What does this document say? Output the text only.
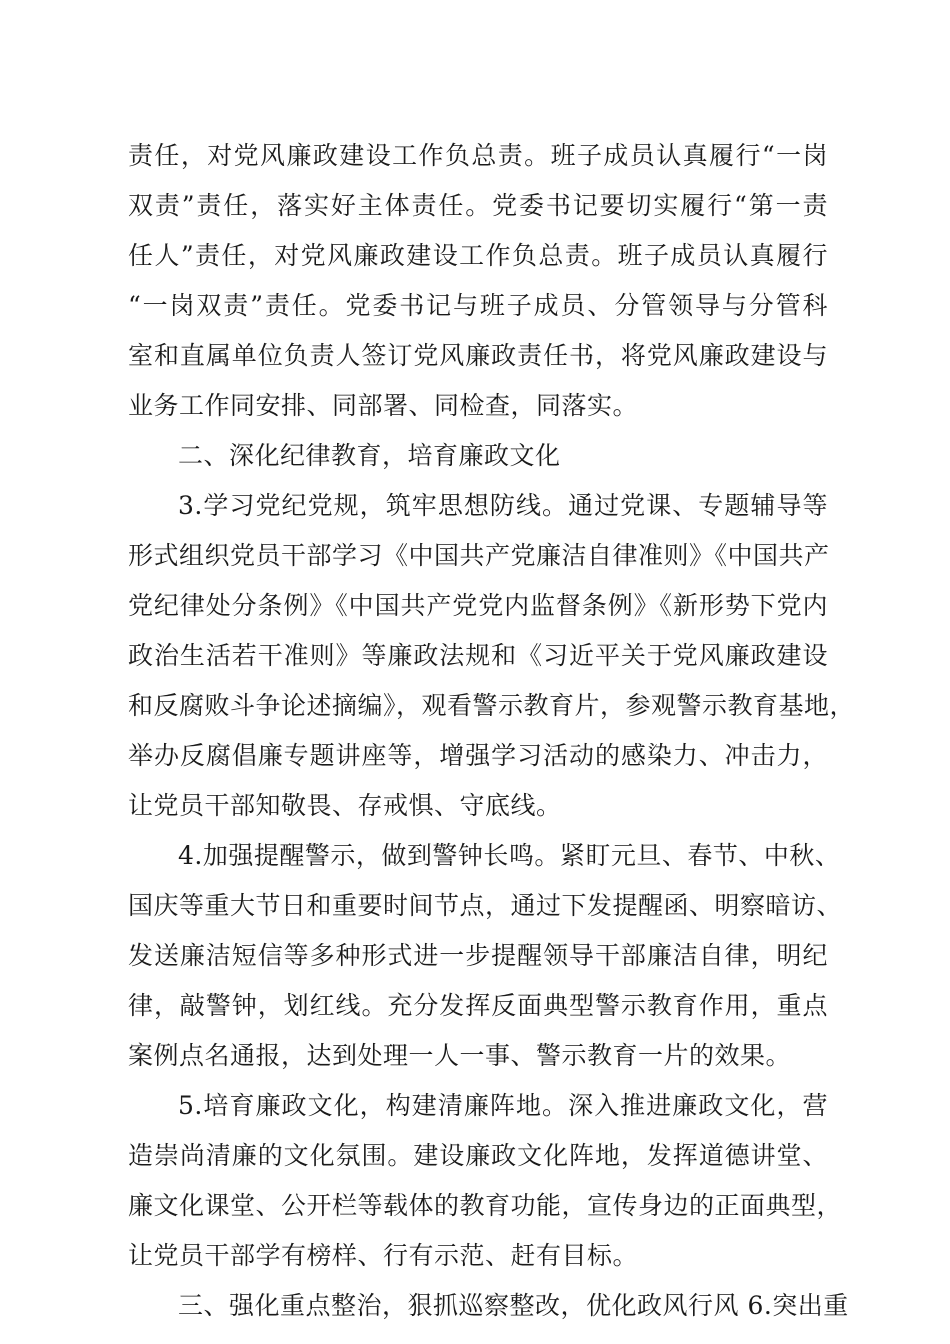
责任，对党风廉政建设工作负总责。班子成员认真履行“一岗
双责”责任，落实好主体责任。党委书记要切实履行“第一责
任人”责任，对党风廉政建设工作负总责。班子成员认真履行
“一岗双责”责任。党委书记与班子成员、分管领导与分管科
室和直属单位负责人签订党风廉政责任书，将党风廉政建设与
业务工作同安排、同部署、同检查，同落实。
二、深化纪律教育，培育廉政文化
3.学习党纪党规，筑牢思想防线。通过党课、专题辅导等
形式组织党员干部学习《中国共产党廉洁自律准则》《中国共产
党纪律处分条例》《中国共产党党内监督条例》《新形势下党内
政治生活若干准则》等廉政法规和《习近平关于党风廉政建设
和反腐败斗争论述摘编》，观看警示教育片，参观警示教育基地，
举办反腐倡廉专题讲座等，增强学习活动的感染力、冲击力，
让党员干部知敬畏、存戒惧、守底线。
4.加强提醒警示，做到警钟长鸣。紧盯元旦、春节、中秋、
国庆等重大节日和重要时间节点，通过下发提醒函、明察暗访、
发送廉洁短信等多种形式进一步提醒领导干部廉洁自律，明纪
律，敲警钟，划红线。充分发挥反面典型警示教育作用，重点
案例点名通报，达到处理一人一事、警示教育一片的效果。
5.培育廉政文化，构建清廉阵地。深入推进廉政文化，营
造崇尚清廉的文化氛围。建设廉政文化阵地，发挥道德讲堂、
廉文化课堂、公开栏等载体的教育功能，宣传身边的正面典型，
让党员干部学有榜样、行有示范、赶有目标。
三、强化重点整治，狠抓巡察整改，优化政风行风 6.突出重
